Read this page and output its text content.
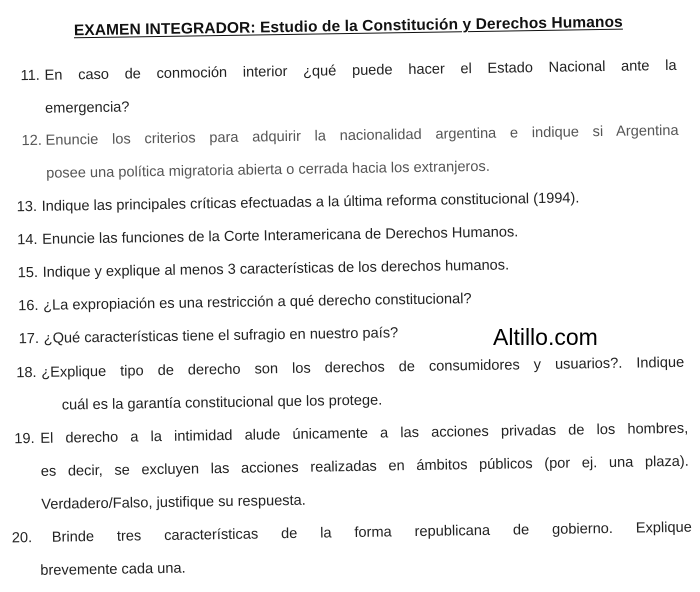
EXAMEN INTEGRADOR: Estudio de la Constitución y Derechos Humanos
11. En caso de conmoción interior ¿qué puede hacer el Estado Nacional ante la
emergencia?
12. Enuncie los criterios para adquirir la nacionalidad argentina e indique si Argentina
posee una política migratoria abierta o cerrada hacia los extranjeros.
13. Indique las principales críticas efectuadas a la última reforma constitucional (1994).
14. Enuncie las funciones de la Corte Interamericana de Derechos Humanos.
15. Indique y explique al menos 3 características de los derechos humanos.
16. ¿La expropiación es una restricción a qué derecho constitucional?
17. ¿Qué características tiene el sufragio en nuestro país?
18. ¿Explique tipo de derecho son los derechos de consumidores y usuarios?. Indique
cuál es la garantía constitucional que los protege.
19. El derecho a la intimidad alude únicamente a las acciones privadas de los hombres,
es decir, se excluyen las acciones realizadas en ámbitos públicos (por ej. una plaza).
Verdadero/Falso, justifique su respuesta.
20. Brinde tres características de la forma republicana de gobierno. Explique
brevemente cada una.
Altillo.com
